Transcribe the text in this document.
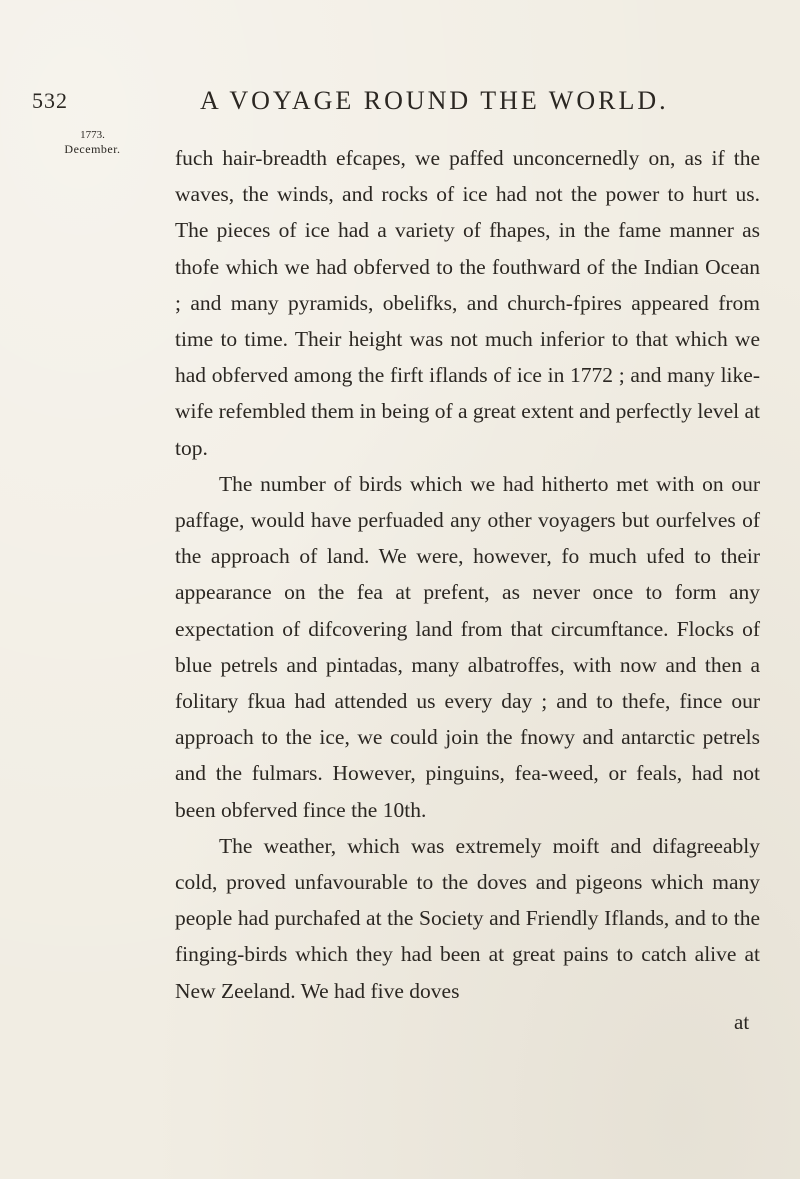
532	A VOYAGE ROUND THE WORLD.
1773.
December.	fuch hair-breadth efcapes, we paffed unconcernedly on, as if the waves, the winds, and rocks of ice had not the power to hurt us. The pieces of ice had a variety of fhapes, in the fame manner as thofe which we had obferved to the fouthward of the Indian Ocean ; and many pyramids, obelifks, and church-fpires appeared from time to time. Their height was not much inferior to that which we had obferved among the firft iflands of ice in 1772 ; and many likewife refembled them in being of a great extent and perfectly level at top.

The number of birds which we had hitherto met with on our paffage, would have perfuaded any other voyagers but ourfelves of the approach of land. We were, however, fo much ufed to their appearance on the fea at prefent, as never once to form any expectation of difcovering land from that circumftance. Flocks of blue petrels and pintadas, many albatroffes, with now and then a folitary fkua had attended us every day ; and to thefe, fince our approach to the ice, we could join the fnowy and antarctic petrels and the fulmars. However, pinguins, fea-weed, or feals, had not been obferved fince the 10th.

The weather, which was extremely moift and difagreeably cold, proved unfavourable to the doves and pigeons which many people had purchafed at the Society and Friendly Iflands, and to the finging-birds which they had been at great pains to catch alive at New Zeeland. We had five doves

at
